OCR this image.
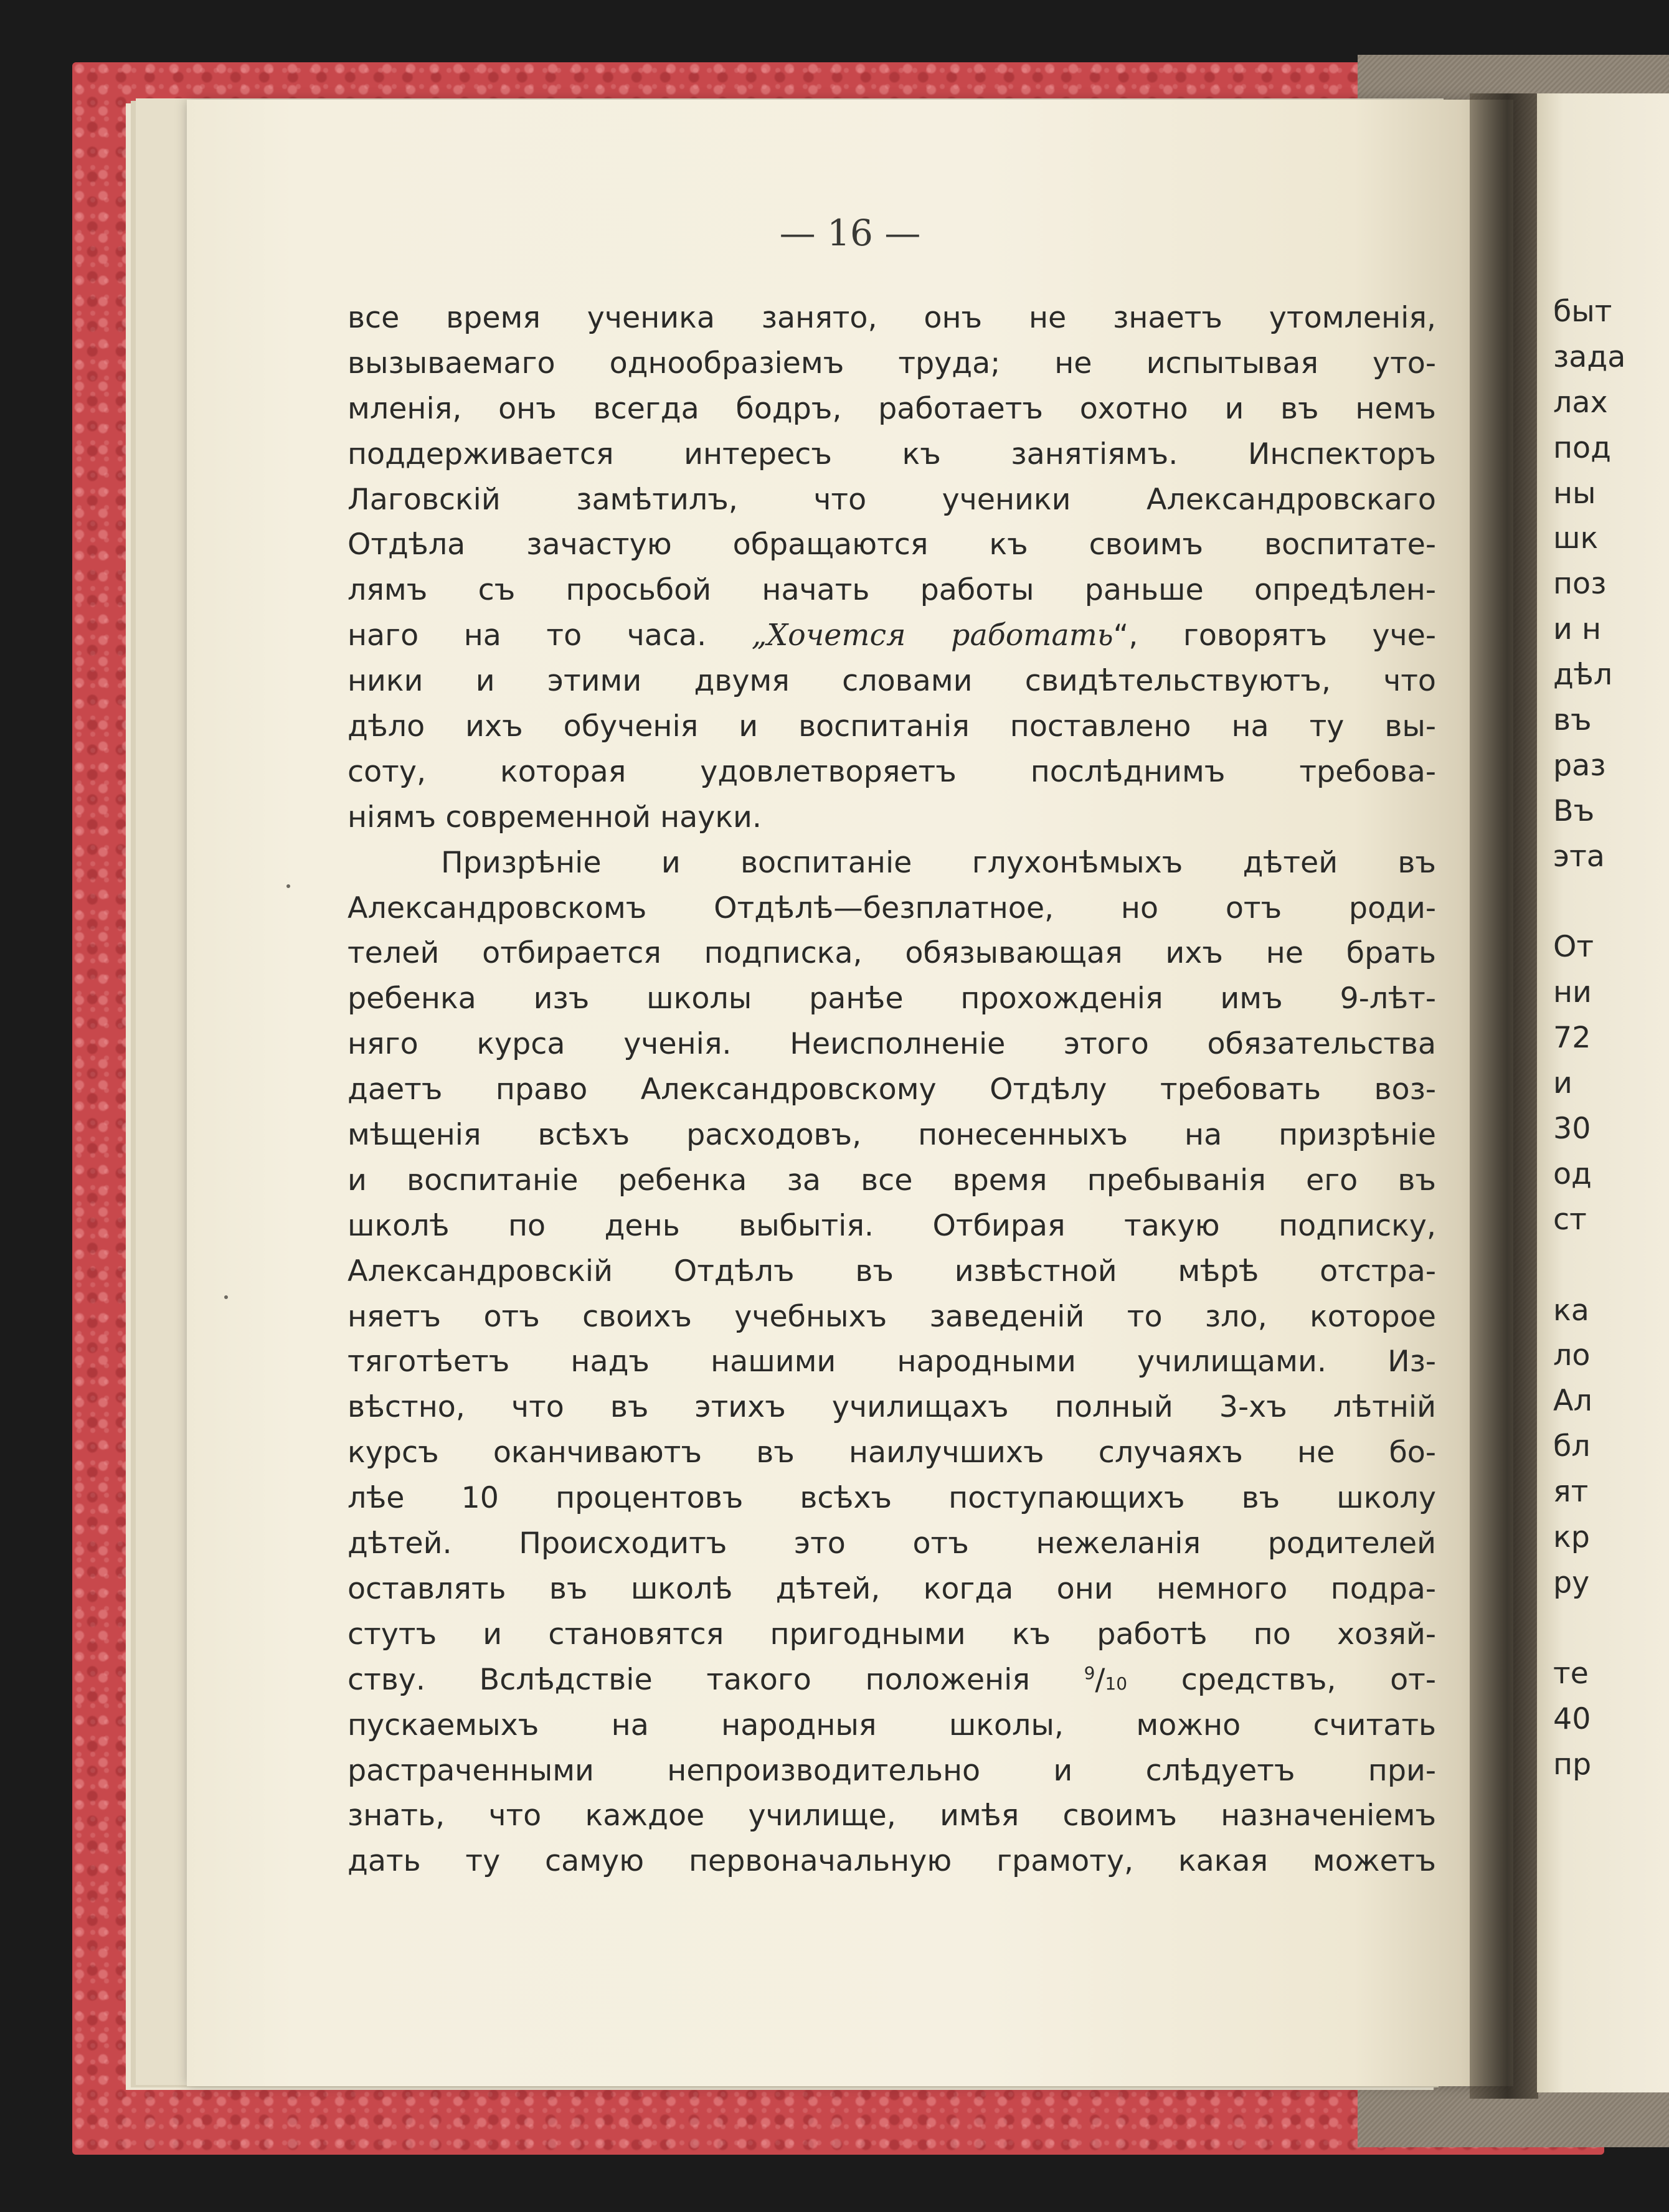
— 16 —
быт
зада
лах
под
ны
шк
поз
и н
дѣл
въ
раз
Въ
эта
От
ни
72
и
30
од
ст
ка
ло
Ал
бл
ят
кр
ру
те
40
пр
все время ученика занято, онъ не знаетъ утомленія,
вызываемаго однообразіемъ труда; не испытывая уто-
мленія, онъ всегда бодръ, работаетъ охотно и въ немъ
поддерживается интересъ къ занятіямъ. Инспекторъ
Лаговскій замѣтилъ, что ученики Александровскаго
Отдѣла зачастую обращаются къ своимъ воспитате-
лямъ съ просьбой начать работы раньше опредѣлен-
наго на то часа. „Хочется работать“, говорятъ уче-
ники и этими двумя словами свидѣтельствуютъ, что
дѣло ихъ обученія и воспитанія поставлено на ту вы-
соту, которая удовлетворяетъ послѣднимъ требова-
ніямъ современной науки.
Призрѣніе и воспитаніе глухонѣмыхъ дѣтей въ
Александровскомъ Отдѣлѣ—безплатное, но отъ роди-
телей отбирается подписка, обязывающая ихъ не брать
ребенка изъ школы ранѣе прохожденія имъ 9-лѣт-
няго курса ученія. Неисполненіе этого обязательства
даетъ право Александровскому Отдѣлу требовать воз-
мѣщенія всѣхъ расходовъ, понесенныхъ на призрѣніе
и воспитаніе ребенка за все время пребыванія его въ
школѣ по день выбытія. Отбирая такую подписку,
Александровскій Отдѣлъ въ извѣстной мѣрѣ отстра-
няетъ отъ своихъ учебныхъ заведеній то зло, которое
тяготѣетъ надъ нашими народными училищами. Из-
вѣстно, что въ этихъ училищахъ полный 3-хъ лѣтній
курсъ оканчиваютъ въ наилучшихъ случаяхъ не бо-
лѣе 10 процентовъ всѣхъ поступающихъ въ школу
дѣтей. Происходитъ это отъ нежеланія родителей
оставлять въ школѣ дѣтей, когда они немного подра-
стутъ и становятся пригодными къ работѣ по хозяй-
ству. Вслѣдствіе такого положенія $^9$/10 средствъ, от-
пускаемыхъ на народныя школы, можно считать
растраченными непроизводительно и слѣдуетъ при-
знать, что каждое училище, имѣя своимъ назначеніемъ
дать ту самую первоначальную грамоту, какая можетъ
